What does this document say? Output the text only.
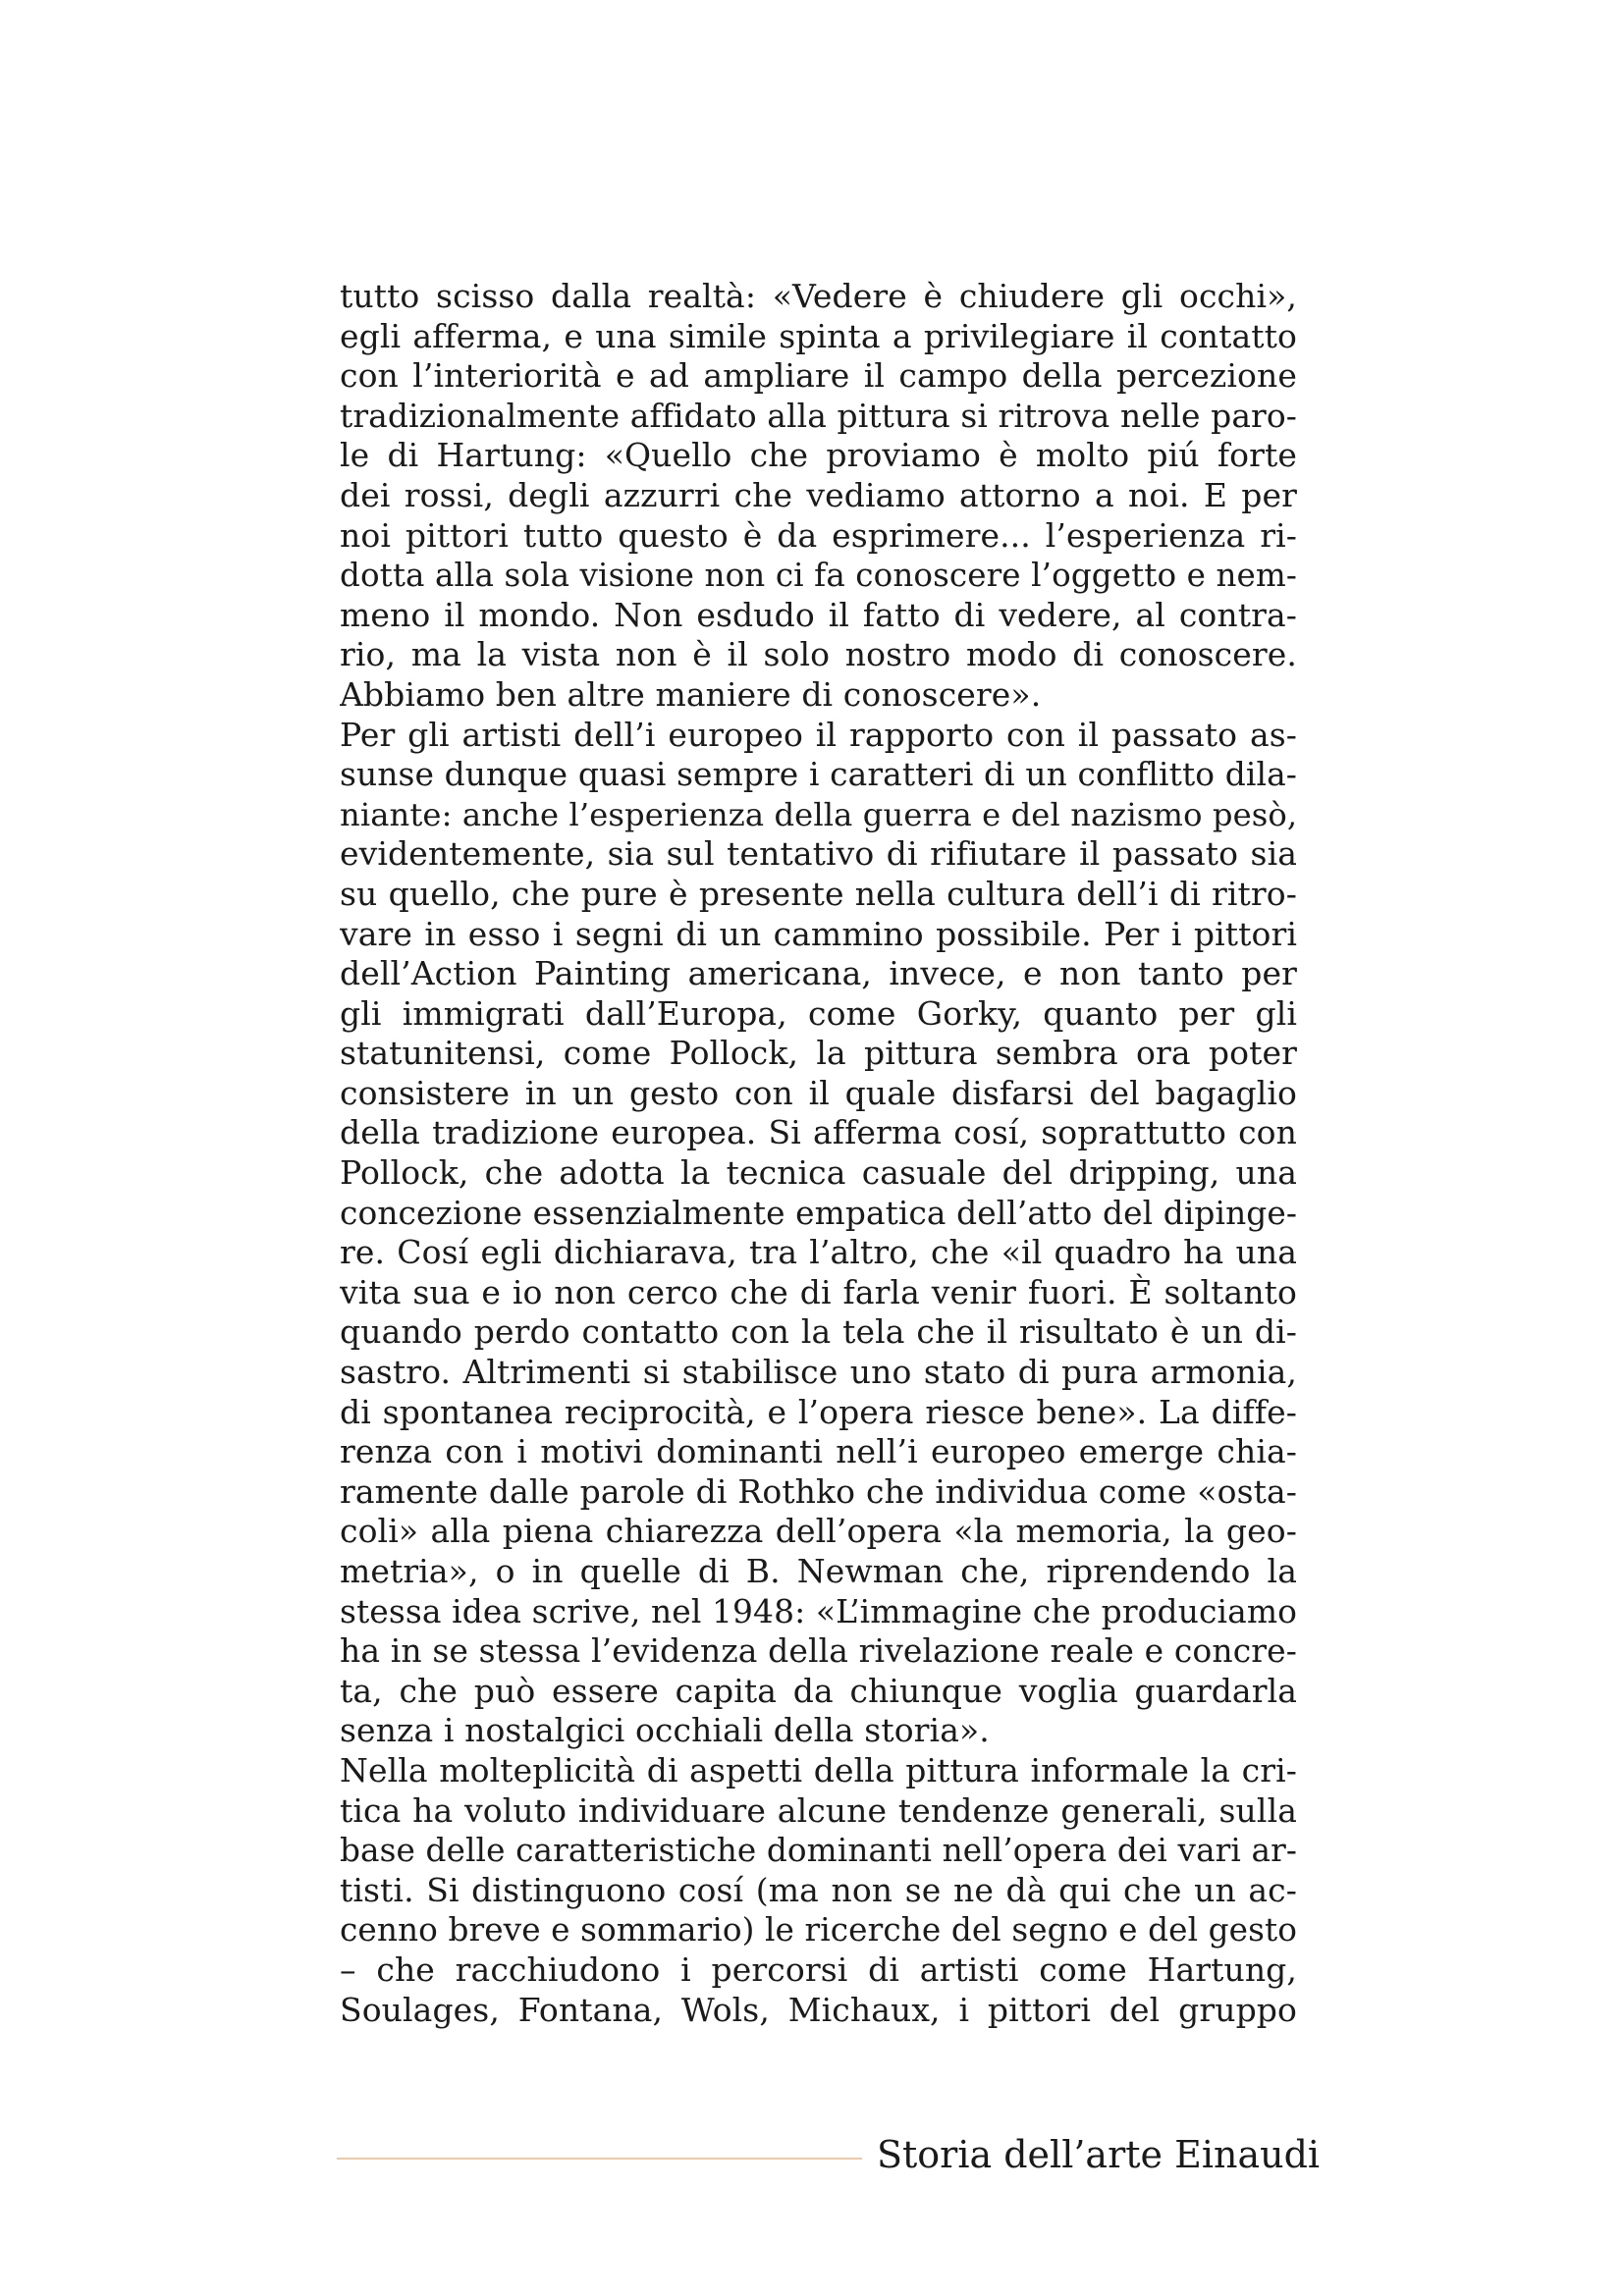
tutto scisso dalla realtà: «Vedere è chiudere gli occhi»,
egli afferma, e una simile spinta a privilegiare il contatto
con l’interiorità e ad ampliare il campo della percezione
tradizionalmente affidato alla pittura si ritrova nelle paro-
le di Hartung: «Quello che proviamo è molto piú forte
dei rossi, degli azzurri che vediamo attorno a noi. E per
noi pittori tutto questo è da esprimere... l’esperienza ri-
dotta alla sola visione non ci fa conoscere l’oggetto e nem-
meno il mondo. Non esdudo il fatto di vedere, al contra-
rio, ma la vista non è il solo nostro modo di conoscere.
Abbiamo ben altre maniere di conoscere».
Per gli artisti dell’i europeo il rapporto con il passato as-
sunse dunque quasi sempre i caratteri di un conflitto dila-
niante: anche l’esperienza della guerra e del nazismo pesò,
evidentemente, sia sul tentativo di rifiutare il passato sia
su quello, che pure è presente nella cultura dell’i di ritro-
vare in esso i segni di un cammino possibile. Per i pittori
dell’Action Painting americana, invece, e non tanto per
gli immigrati dall’Europa, come Gorky, quanto per gli
statunitensi, come Pollock, la pittura sembra ora poter
consistere in un gesto con il quale disfarsi del bagaglio
della tradizione europea. Si afferma cosí, soprattutto con
Pollock, che adotta la tecnica casuale del dripping, una
concezione essenzialmente empatica dell’atto del dipinge-
re. Cosí egli dichiarava, tra l’altro, che «il quadro ha una
vita sua e io non cerco che di farla venir fuori. È soltanto
quando perdo contatto con la tela che il risultato è un di-
sastro. Altrimenti si stabilisce uno stato di pura armonia,
di spontanea reciprocità, e l’opera riesce bene». La diffe-
renza con i motivi dominanti nell’i europeo emerge chia-
ramente dalle parole di Rothko che individua come «osta-
coli» alla piena chiarezza dell’opera «la memoria, la geo-
metria», o in quelle di B. Newman che, riprendendo la
stessa idea scrive, nel 1948: «L’immagine che produciamo
ha in se stessa l’evidenza della rivelazione reale e concre-
ta, che può essere capita da chiunque voglia guardarla
senza i nostalgici occhiali della storia».
Nella molteplicità di aspetti della pittura informale la cri-
tica ha voluto individuare alcune tendenze generali, sulla
base delle caratteristiche dominanti nell’opera dei vari ar-
tisti. Si distinguono cosí (ma non se ne dà qui che un ac-
cenno breve e sommario) le ricerche del segno e del gesto
– che racchiudono i percorsi di artisti come Hartung,
Soulages, Fontana, Wols, Michaux, i pittori del gruppo
Storia dell’arte Einaudi
